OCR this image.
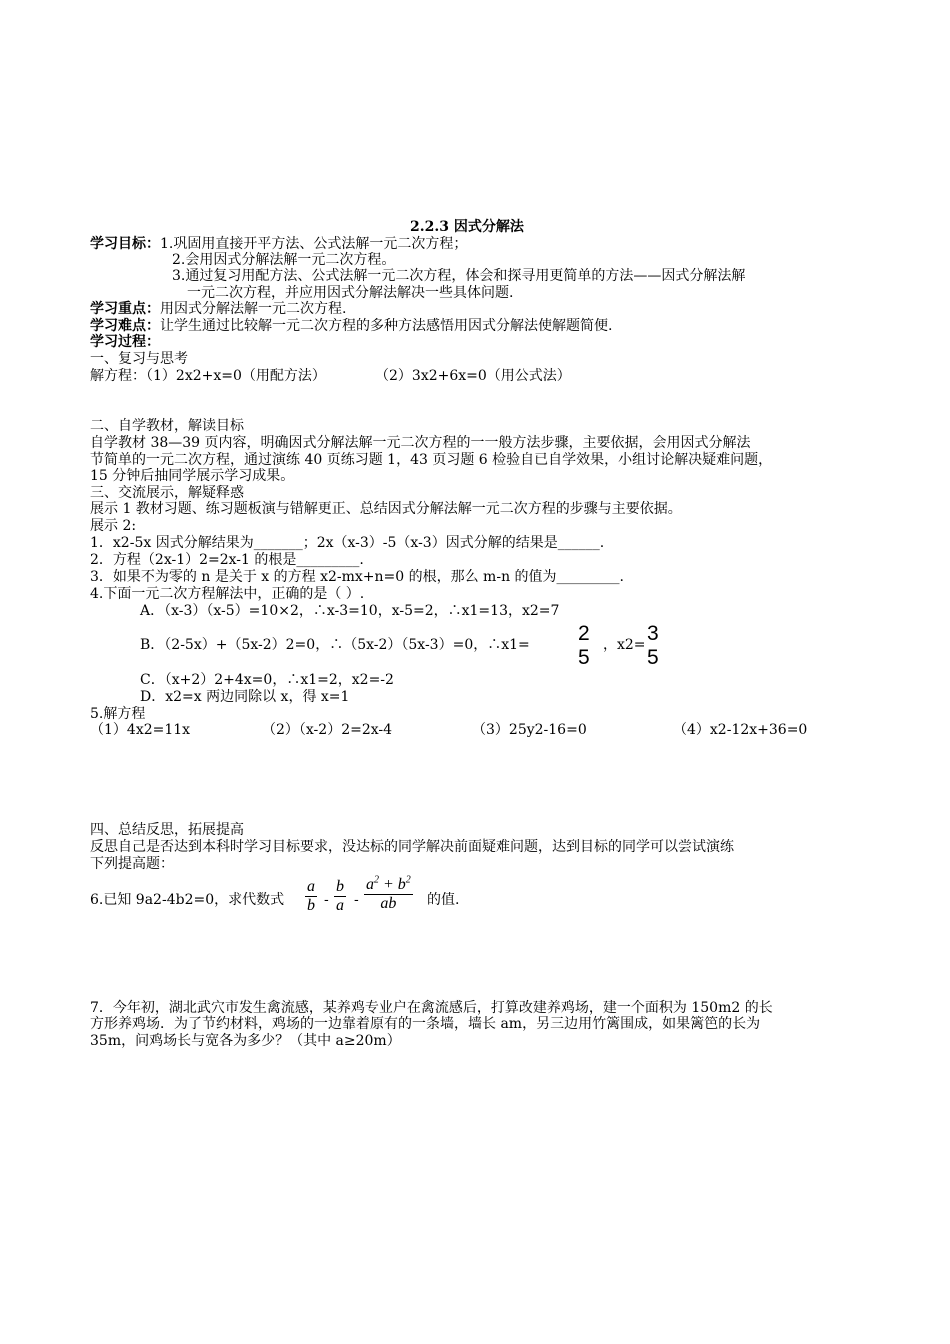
2.2.3 因式分解法
学习目标：1.巩固用直接开平方法、公式法解一元二次方程；
2.会用因式分解法解一元二次方程。
3.通过复习用配方法、公式法解一元二次方程，体会和探寻用更简单的方法——因式分解法解
一元二次方程，并应用因式分解法解决一些具体问题.
学习重点：用因式分解法解一元二次方程.
学习难点：让学生通过比较解一元二次方程的多种方法感悟用因式分解法使解题简便.
学习过程：
一、复习与思考
解方程：（1）2x2+x=0（用配方法）	（2）3x2+6x=0（用公式法）
二、自学教材，解读目标
自学教材 38—39 页内容，明确因式分解法解一元二次方程的一一般方法步骤，主要依据，会用因式分解法
节简单的一元二次方程，通过演练 40 页练习题 1，43 页习题 6 检验自已自学效果，小组讨论解决疑难问题，
15 分钟后抽同学展示学习成果。
三、交流展示，解疑释惑
展示 1 教材习题、练习题板演与错解更正、总结因式分解法解一元二次方程的步骤与主要依据。
展示 2:
1．x2-5x 因式分解结果为_______；2x（x-3）-5（x-3）因式分解的结果是______.
2．方程（2x-1）2=2x-1 的根是_________.
3．如果不为零的 n 是关于 x 的方程 x2-mx+n=0 的根，那么 m-n 的值为_________.
4.下面一元二次方程解法中，正确的是（ ）.
A．（x-3）（x-5）=10×2，∴x-3=10，x-5=2，∴x1=13，x2=7
B．（2-5x）+（5x-2）2=0，∴（5x-2）（5x-3）=0，∴x1= 2
5
，x2= 3
5
C．（x+2）2+4x=0，∴x1=2，x2=-2
D．x2=x 两边同除以 x，得 x=1
5.解方程
（1）4x2=11x	（2）（x-2）2=2x-4	（3）25y2-16=0	（4）x2-12x+36=0
四、总结反思，拓展提高
反思自己是否达到本科时学习目标要求，没达标的同学解决前面疑难问题，达到目标的同学可以尝试演练
下列提高题：
6.已知 9a2-4b2=0，求代数式 $\frac{a}{b} - \frac{b}{a} - \frac{a^2 + b^2}{ab}$ 的值.
7．今年初，湖北武穴市发生禽流感，某养鸡专业户在禽流感后，打算改建养鸡场，建一个面积为 150m2 的长
方形养鸡场．为了节约材料，鸡场的一边靠着原有的一条墙，墙长 am，另三边用竹篱围成，如果篱笆的长为
35m，问鸡场长与宽各为多少？（其中 a≥20m）
